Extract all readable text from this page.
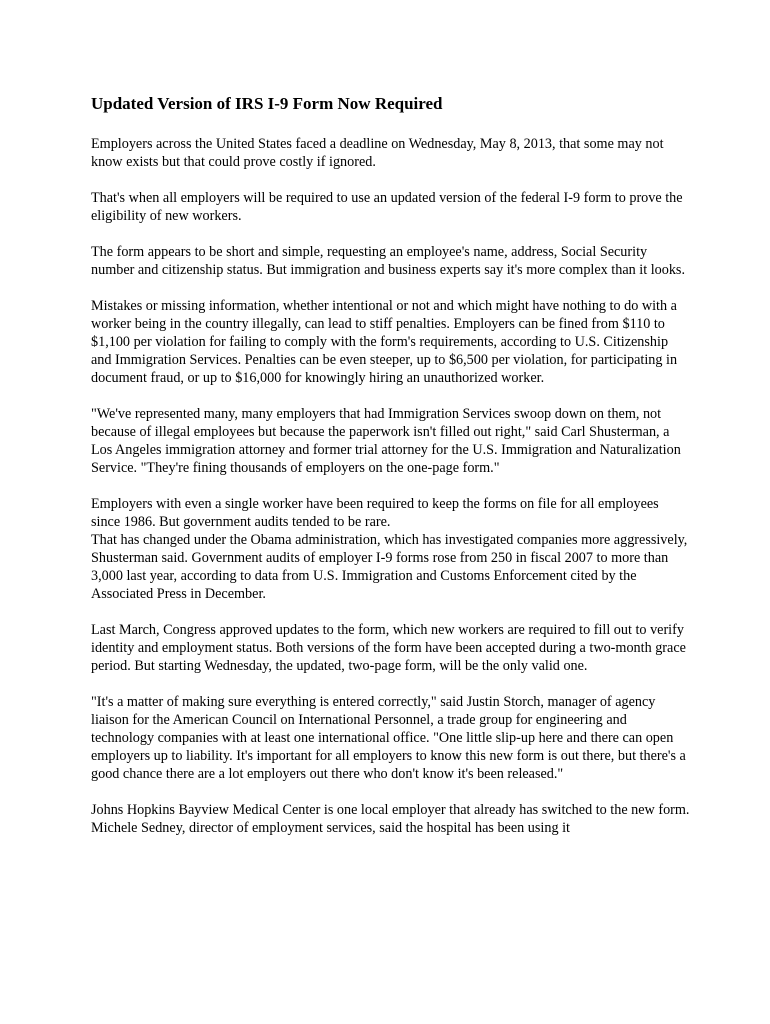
Updated Version of IRS I-9 Form Now Required

Employers across the United States faced a deadline on Wednesday, May 8, 2013, that some may not know exists but that could prove costly if ignored.

That's when all employers will be required to use an updated version of the federal I-9 form to prove the eligibility of new workers.

The form appears to be short and simple, requesting an employee's name, address, Social Security number and citizenship status. But immigration and business experts say it's more complex than it looks.

Mistakes or missing information, whether intentional or not and which might have nothing to do with a worker being in the country illegally, can lead to stiff penalties. Employers can be fined from $110 to $1,100 per violation for failing to comply with the form's requirements, according to U.S. Citizenship and Immigration Services. Penalties can be even steeper, up to $6,500 per violation, for participating in document fraud, or up to $16,000 for knowingly hiring an unauthorized worker.

"We've represented many, many employers that had Immigration Services swoop down on them, not because of illegal employees but because the paperwork isn't filled out right," said Carl Shusterman, a Los Angeles immigration attorney and former trial attorney for the U.S. Immigration and Naturalization Service. "They're fining thousands of employers on the one-page form."

Employers with even a single worker have been required to keep the forms on file for all employees since 1986. But government audits tended to be rare.
That has changed under the Obama administration, which has investigated companies more aggressively, Shusterman said. Government audits of employer I-9 forms rose from 250 in fiscal 2007 to more than 3,000 last year, according to data from U.S. Immigration and Customs Enforcement cited by the Associated Press in December.

Last March, Congress approved updates to the form, which new workers are required to fill out to verify identity and employment status. Both versions of the form have been accepted during a two-month grace period. But starting Wednesday, the updated, two-page form, will be the only valid one.

"It's a matter of making sure everything is entered correctly," said Justin Storch, manager of agency liaison for the American Council on International Personnel, a trade group for engineering and technology companies with at least one international office. "One little slip-up here and there can open employers up to liability. It's important for all employers to know this new form is out there, but there's a good chance there are a lot employers out there who don't know it's been released."

Johns Hopkins Bayview Medical Center is one local employer that already has switched to the new form. Michele Sedney, director of employment services, said the hospital has been using it
